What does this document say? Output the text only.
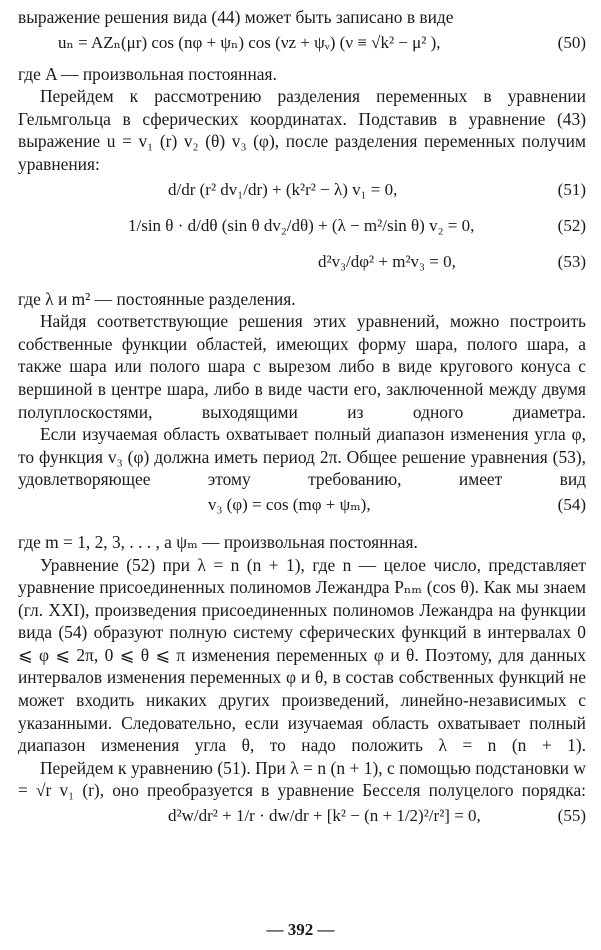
выражение решения вида (44) может быть записано в виде

uₙ = AZₙ(μr) cos (nφ + ψₙ) cos (νz + ψᵥ) (ν ≡ √k² − μ² ),	(50)

где A — произвольная постоянная.

Перейдем к рассмотрению разделения переменных в уравнении Гельмгольца в сферических координатах. Подставив в уравнение (43) выражение u = v₁ (r) v₂ (θ) v₃ (φ), после разделения переменных получим уравнения:

d/dr (r² dv₁/dr) + (k²r² − λ) v₁ = 0,	(51)
1/sin θ · d/dθ (sin θ dv₂/dθ) + (λ − m²/sin θ) v₂ = 0,	(52)
d²v₃/dφ² + m²v₃ = 0,	(53)

где λ и m² — постоянные разделения.

Найдя соответствующие решения этих уравнений, можно построить собственные функции областей, имеющих форму шара, полого шара, а также шара или полого шара с вырезом либо в виде кругового конуса с вершиной в центре шара, либо в виде части его, заключенной между двумя полуплоскостями, выходящими из одного диаметра.

Если изучаемая область охватывает полный диапазон изменения угла φ, то функция v₃ (φ) должна иметь период 2π. Общее решение уравнения (53), удовлетворяющее этому требованию, имеет вид

v₃ (φ) = cos (mφ + ψₘ),	(54)

где m = 1, 2, 3, . . . , а ψₘ — произвольная постоянная.

Уравнение (52) при λ = n (n + 1), где n — целое число, представляет уравнение присоединенных полиномов Лежандра Pₙₘ (cos θ). Как мы знаем (гл. XXI), произведения присоединенных полиномов Лежандра на функции вида (54) образуют полную систему сферических функций в интервалах 0 ⩽ φ ⩽ 2π, 0 ⩽ θ ⩽ π изменения переменных φ и θ. Поэтому, для данных интервалов изменения переменных φ и θ, в состав собственных функций не может входить никаких других произведений, линейно-независимых с указанными. Следовательно, если изучаемая область охватывает полный диапазон изменения угла θ, то надо положить λ = n (n + 1).

Перейдем к уравнению (51). При λ = n (n + 1), с помощью подстановки w = √r v₁ (r), оно преобразуется в уравнение Бесселя полуцелого порядка:

d²w/dr² + 1/r · dw/dr + [k² − (n + 1/2)²/r²] = 0,	(55)
— 392 —
